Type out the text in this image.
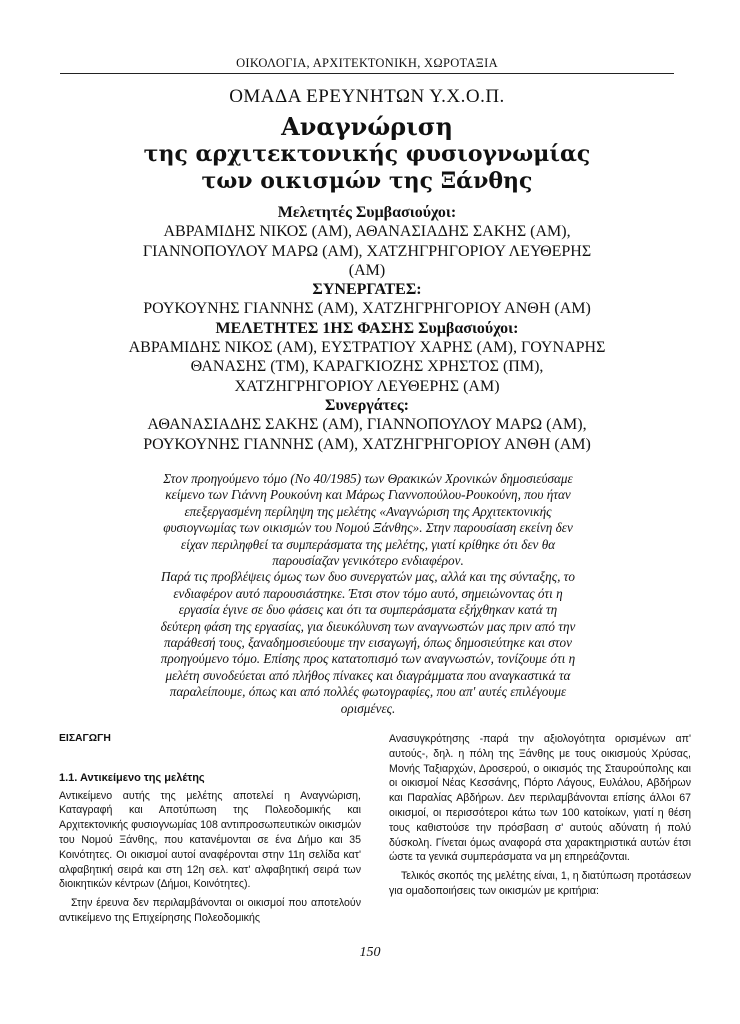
ΟΙΚΟΛΟΓΙΑ, ΑΡΧΙΤΕΚΤΟΝΙΚΗ, ΧΩΡΟΤΑΞΙΑ
ΟΜΑΔΑ ΕΡΕΥΝΗΤΩΝ Υ.Χ.Ο.Π.
Αναγνώριση
της αρχιτεκτονικής φυσιογνωμίας
των οικισμών της Ξάνθης
Μελετητές Συμβασιούχοι:
ΑΒΡΑΜΙΔΗΣ ΝΙΚΟΣ (ΑΜ), ΑΘΑΝΑΣΙΑΔΗΣ ΣΑΚΗΣ (ΑΜ),
ΓΙΑΝΝΟΠΟΥΛΟΥ ΜΑΡΩ (ΑΜ), ΧΑΤΖΗΓΡΗΓΟΡΙΟΥ ΛΕΥΘΕΡΗΣ
(ΑΜ)
ΣΥΝΕΡΓΑΤΕΣ:
ΡΟΥΚΟΥΝΗΣ ΓΙΑΝΝΗΣ (ΑΜ), ΧΑΤΖΗΓΡΗΓΟΡΙΟΥ ΑΝΘΗ (ΑΜ)
ΜΕΛΕΤΗΤΕΣ 1ΗΣ ΦΑΣΗΣ Συμβασιούχοι:
ΑΒΡΑΜΙΔΗΣ ΝΙΚΟΣ (ΑΜ), ΕΥΣΤΡΑΤΙΟΥ ΧΑΡΗΣ (ΑΜ), ΓΟΥΝΑΡΗΣ
ΘΑΝΑΣΗΣ (ΤΜ), ΚΑΡΑΓΚΙΟΖΗΣ ΧΡΗΣΤΟΣ (ΠΜ),
ΧΑΤΖΗΓΡΗΓΟΡΙΟΥ ΛΕΥΘΕΡΗΣ (ΑΜ)
Συνεργάτες:
ΑΘΑΝΑΣΙΑΔΗΣ ΣΑΚΗΣ (ΑΜ), ΓΙΑΝΝΟΠΟΥΛΟΥ ΜΑΡΩ (ΑΜ),
ΡΟΥΚΟΥΝΗΣ ΓΙΑΝΝΗΣ (ΑΜ), ΧΑΤΖΗΓΡΗΓΟΡΙΟΥ ΑΝΘΗ (ΑΜ)
Στον προηγούμενο τόμο (Νο 40/1985) των Θρακικών Χρονικών δημοσιεύσαμε
κείμενο των Γιάννη Ρουκούνη και Μάρως Γιαννοπούλου-Ρουκούνη, που ήταν
επεξεργασμένη περίληψη της μελέτης «Αναγνώριση της Αρχιτεκτονικής
φυσιογνωμίας των οικισμών του Νομού Ξάνθης». Στην παρουσίαση εκείνη δεν
είχαν περιληφθεί τα συμπεράσματα της μελέτης, γιατί κρίθηκε ότι δεν θα
παρουσίαζαν γενικότερο ενδιαφέρον.
Παρά τις προβλέψεις όμως των δυο συνεργατών μας, αλλά και της σύνταξης, το
ενδιαφέρον αυτό παρουσιάστηκε. Έτσι στον τόμο αυτό, σημειώνοντας ότι η
εργασία έγινε σε δυο φάσεις και ότι τα συμπεράσματα εξήχθηκαν κατά τη
δεύτερη φάση της εργασίας, για διευκόλυνση των αναγνωστών μας πριν από την
παράθεσή τους, ξαναδημοσιεύουμε την εισαγωγή, όπως δημοσιεύτηκε και στον
προηγούμενο τόμο. Επίσης προς κατατοπισμό των αναγνωστών, τονίζουμε ότι η
μελέτη συνοδεύεται από πλήθος πίνακες και διαγράμματα που αναγκαστικά τα
παραλείπουμε, όπως και από πολλές φωτογραφίες, που απ' αυτές επιλέγουμε
ορισμένες.
ΕΙΣΑΓΩΓΗ
1.1. Αντικείμενο της μελέτης

Αντικείμενο αυτής της μελέτης αποτελεί η Αναγνώριση, Καταγραφή και Αποτύπωση της Πολεοδομικής και Αρχιτεκτονικής φυσιογνωμίας 108 αντιπροσωπευτικών οικισμών του Νομού Ξάνθης, που κατανέμονται σε ένα Δήμο και 35 Κοινότητες. Οι οικισμοί αυτοί αναφέρονται στην 11η σελίδα κατ' αλφαβητική σειρά και στη 12η σελ. κατ' αλφαβητική σειρά των διοικητικών κέντρων (Δήμοι, Κοινότητες).

Στην έρευνα δεν περιλαμβάνονται οι οικισμοί που αποτελούν αντικείμενο της Επιχείρησης Πολεοδομικής

Ανασυγκρότησης -παρά την αξιολογότητα ορισμένων απ' αυτούς-, δηλ. η πόλη της Ξάνθης με τους οικισμούς Χρύσας, Μονής Ταξιαρχών, Δροσερού, ο οικισμός της Σταυρούπολης και οι οικισμοί Νέας Κεσσάνης, Πόρτο Λάγους, Ευλάλου, Αβδήρων και Παραλίας Αβδήρων. Δεν περιλαμβάνονται επίσης άλλοι 67 οικισμοί, οι περισσότεροι κάτω των 100 κατοίκων, γιατί η θέση τους καθιστούσε την πρόσβαση σ' αυτούς αδύνατη ή πολύ δύσκολη. Γίνεται όμως αναφορά στα χαρακτηριστικά αυτών έτσι ώστε τα γενικά συμπεράσματα να μη επηρεάζονται.

Τελικός σκοπός της μελέτης είναι, 1, η διατύπωση προτάσεων για ομαδοποιήσεις των οικισμών με κριτήρια:

150
